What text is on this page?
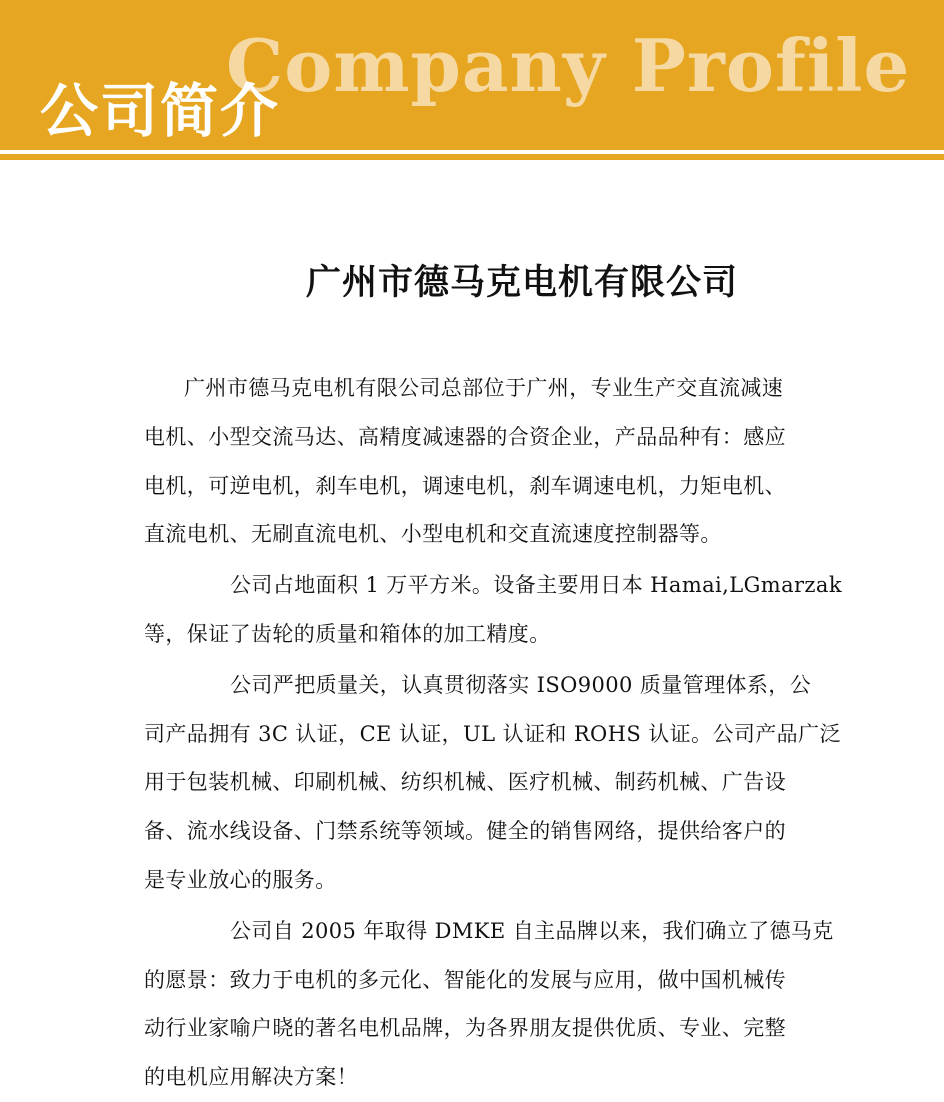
Company Profile
公司简介
广州市德马克电机有限公司
广州市德马克电机有限公司总部位于广州，专业生产交直流减速
电机、小型交流马达、高精度减速器的合资企业，产品品种有：感应
电机，可逆电机，刹车电机，调速电机，刹车调速电机，力矩电机、
直流电机、无刷直流电机、小型电机和交直流速度控制器等。
公司占地面积 1 万平方米。设备主要用日本 Hamai,LGmarzak
等，保证了齿轮的质量和箱体的加工精度。
公司严把质量关，认真贯彻落实 ISO9000 质量管理体系，公
司产品拥有 3C 认证，CE 认证，UL 认证和 ROHS 认证。公司产品广泛
用于包装机械、印刷机械、纺织机械、医疗机械、制药机械、广告设
备、流水线设备、门禁系统等领域。健全的销售网络，提供给客户的
是专业放心的服务。
公司自 2005 年取得 DMKE 自主品牌以来，我们确立了德马克
的愿景：致力于电机的多元化、智能化的发展与应用，做中国机械传
动行业家喻户晓的著名电机品牌，为各界朋友提供优质、专业、完整
的电机应用解决方案！
